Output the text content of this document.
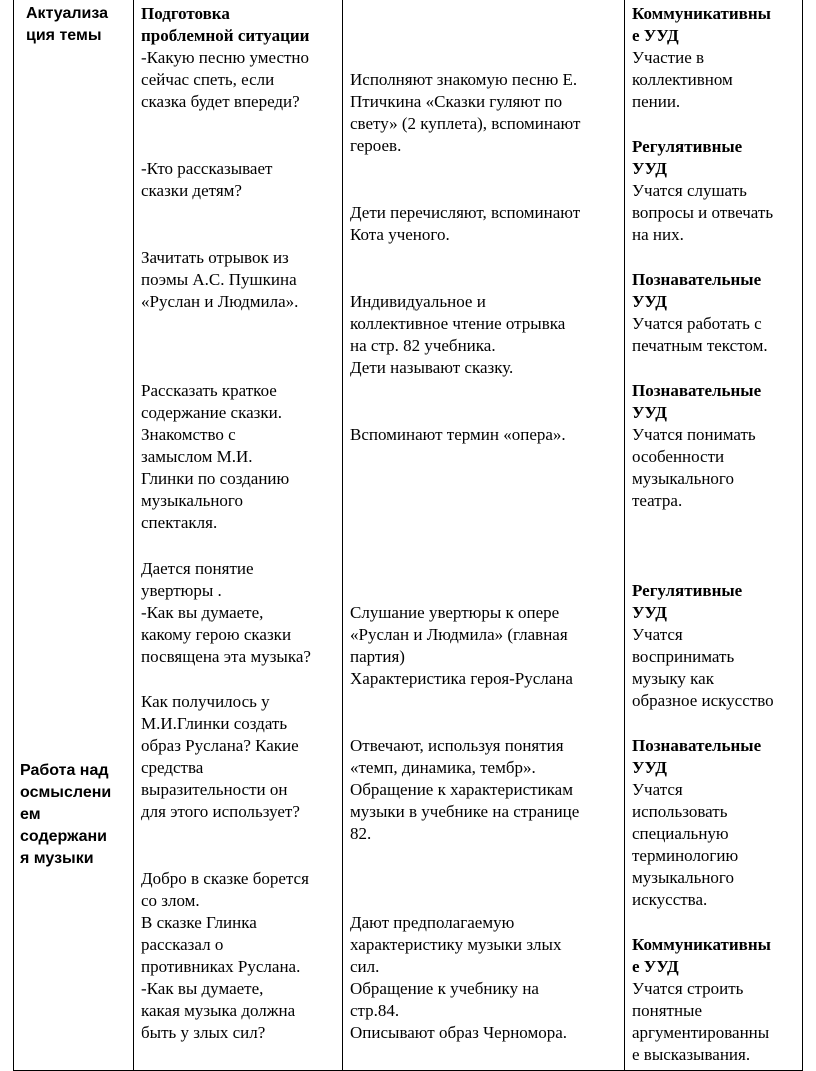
Актуализа
ция темы
Работа над
осмыслени
ем
содержани
я музыки
Подготовка
проблемной ситуации
-Какую песню уместно
сейчас спеть, если
сказка будет впереди?
-Кто рассказывает
сказки детям?
Зачитать отрывок из
поэмы А.С. Пушкина
«Руслан и Людмила».
Рассказать краткое
содержание сказки.
Знакомство с
замыслом М.И.
Глинки по созданию
музыкального
спектакля.
Дается понятие
увертюры .
-Как вы думаете,
какому герою сказки
посвящена эта музыка?
Как получилось у
М.И.Глинки создать
образ Руслана? Какие
средства
выразительности он
для этого использует?
Добро в сказке борется
со злом.
В сказке Глинка
рассказал о
противниках Руслана.
-Как вы думаете,
какая музыка должна
быть у злых сил?
Исполняют знакомую песню Е.
Птичкина «Сказки гуляют по
свету» (2 куплета), вспоминают
героев.
Дети перечисляют, вспоминают
Кота ученого.
Индивидуальное и
коллективное чтение отрывка
на стр. 82 учебника.
Дети называют сказку.
Вспоминают термин «опера».
Слушание увертюры к опере
«Руслан и Людмила» (главная
партия)
Характеристика героя-Руслана
Отвечают, используя понятия
«темп, динамика, тембр».
Обращение к характеристикам
музыки в учебнике на странице
82.
Дают предполагаемую
характеристику музыки злых
сил.
Обращение к учебнику на
стр.84.
Описывают образ Черномора.
Коммуникативны
е УУД
Участие в
коллективном
пении.
Регулятивные
УУД
Учатся слушать
вопросы и отвечать
на них.
Познавательные
УУД
Учатся работать с
печатным текстом.
Познавательные
УУД
Учатся понимать
особенности
музыкального
театра.
Регулятивные
УУД
Учатся
воспринимать
музыку как
образное искусство
Познавательные
УУД
Учатся
использовать
специальную
терминологию
музыкального
искусства.
Коммуникативны
е УУД
Учатся строить
понятные
аргументированны
е высказывания.
